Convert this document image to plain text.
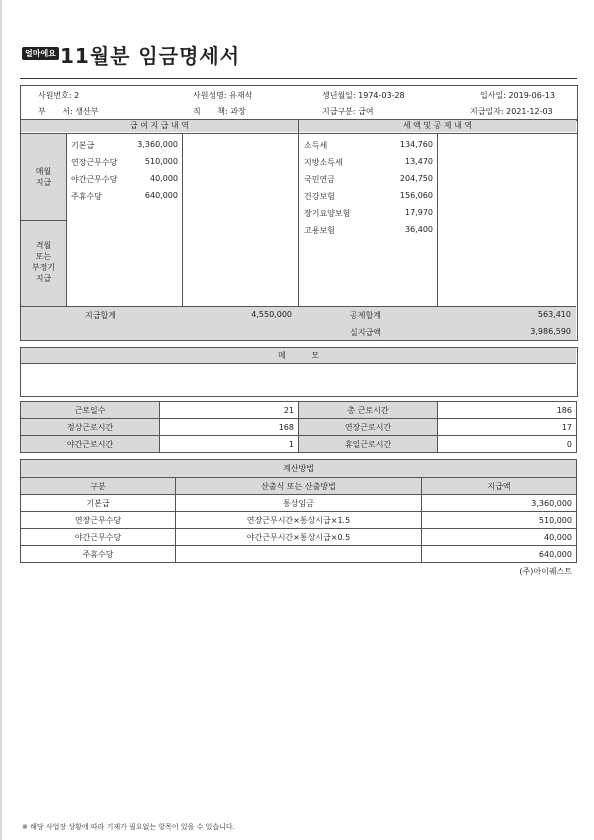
얼마에요 11월분 임금명세서
사원번호: 2	사원성명: 유재석	생년월일: 1974-03-28	입사일: 2019-06-13
부 서: 생산부	직 책: 과장	지급구분: 급여	지급일자: 2021-12-03
급 여 지 급 내 역	세 액 및 공 제 내 역
매월
지급
격월
또는
부정기
지급
기본급	3,360,000
연장근무수당	510,000
야간근무수당	40,000
주휴수당	640,000
소득세	134,760
지방소득세	13,470
국민연금	204,750
건강보험	156,060
장기요양보험	17,970
고용보험	36,400
지급합계	4,550,000	공제합계	563,410
실지급액	3,986,590
메          모
근로일수	21	총 근로시간	186
정상근로시간	168	연장근로시간	17
야간근로시간	1	휴일근로시간	0
계산방법		
구분	산출식 또는 산출방법	지급액
기본급	통상임금	3,360,000
연장근무수당	연장근무시간×통상시급×1.5	510,000
야간근무수당	야간근무시간×통상시급×0.5	40,000
주휴수당		640,000
(주)아이퀘스트
※ 해당 사업장 상황에 따라 기재가 필요없는 항목이 있을 수 있습니다.
